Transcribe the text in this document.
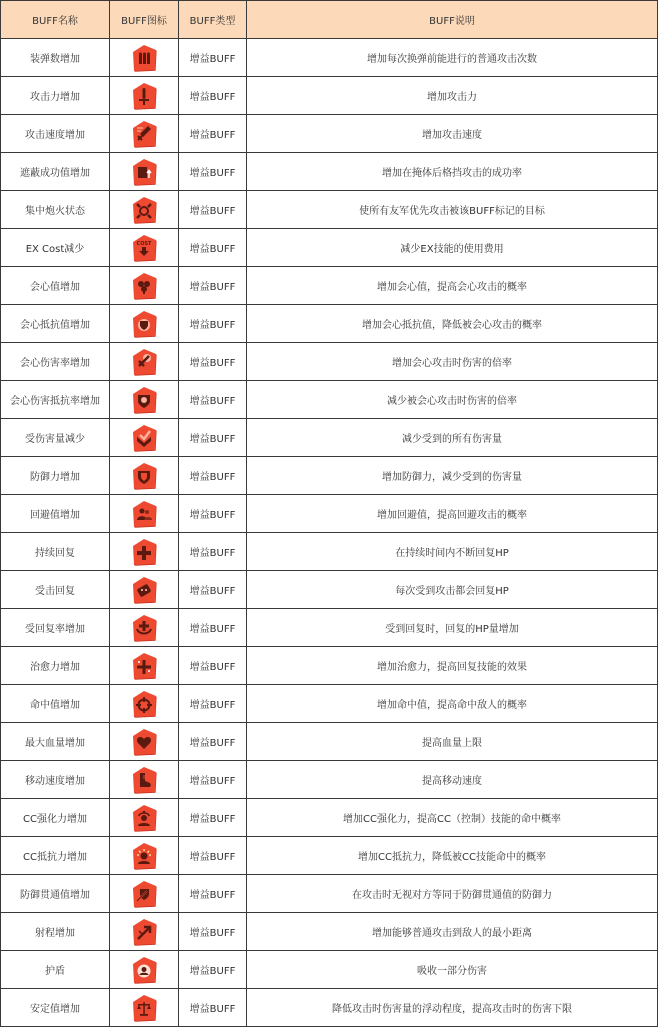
BUFF名称	BUFF图标	BUFF类型	BUFF说明
装弹数增加		增益BUFF	增加每次换弹前能进行的普通攻击次数
攻击力增加		增益BUFF	增加攻击力
攻击速度增加		增益BUFF	增加攻击速度
遮蔽成功值增加		增益BUFF	增加在掩体后格挡攻击的成功率
集中炮火状态		增益BUFF	使所有友军优先攻击被该BUFF标记的目标
EX Cost减少	COST	增益BUFF	减少EX技能的使用费用
会心值增加		增益BUFF	增加会心值，提高会心攻击的概率
会心抵抗值增加		增益BUFF	增加会心抵抗值，降低被会心攻击的概率
会心伤害率增加		增益BUFF	增加会心攻击时伤害的倍率
会心伤害抵抗率增加		增益BUFF	减少被会心攻击时伤害的倍率
受伤害量减少		增益BUFF	减少受到的所有伤害量
防御力增加		增益BUFF	增加防御力，减少受到的伤害量
回避值增加		增益BUFF	增加回避值，提高回避攻击的概率
持续回复		增益BUFF	在持续时间内不断回复HP
受击回复		增益BUFF	每次受到攻击都会回复HP
受回复率增加		增益BUFF	受到回复时，回复的HP量增加
治愈力增加		增益BUFF	增加治愈力，提高回复技能的效果
命中值增加		增益BUFF	增加命中值，提高命中敌人的概率
最大血量增加		增益BUFF	提高血量上限
移动速度增加		增益BUFF	提高移动速度
CC强化力增加		增益BUFF	增加CC强化力，提高CC（控制）技能的命中概率
CC抵抗力增加		增益BUFF	增加CC抵抗力，降低被CC技能命中的概率
防御贯通值增加		增益BUFF	在攻击时无视对方等同于防御贯通值的防御力
射程增加		增益BUFF	增加能够普通攻击到敌人的最小距离
护盾		增益BUFF	吸收一部分伤害
安定值增加		增益BUFF	降低攻击时伤害量的浮动程度，提高攻击时的伤害下限
